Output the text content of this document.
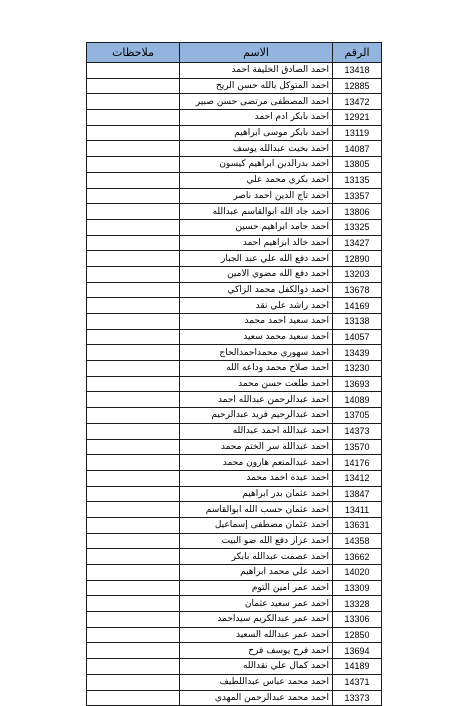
ملاحظات	الاسم	الرقم
	احمد الصادق الخليفة احمد	13418
	احمد المتوكل بالله حسن الريح	12885
	احمد المصطفى مرتضى حسن صبير	13472
	احمد بابكر ادم احمد	12921
	احمد بابكر موسى ابراهيم	13119
	احمد بخيت عبدالله يوسف	14087
	احمد بدرالدين ابراهيم كيسون	13805
	احمد بكري محمد علي	13135
	احمد تاج الدين احمد ناصر	13357
	احمد جاد الله ابوالقاسم عبدالله	13806
	احمد حامد ابراهيم حسين	13325
	احمد خالد ابراهيم احمد	13427
	احمد دفع الله علي عبد الجبار	12890
	احمد دفع الله مضوي الامين	13203
	احمد ذوالكفل محمد الزاكي	13678
	احمد راشد علي نقد	14169
	احمد سعيد احمد محمد	13138
	احمد سعيد محمد سعيد	14057
	احمد سهوري محمداحمدالحاج	13439
	احمد صلاح محمد وداعه الله	13230
	احمد طلعت حسن محمد	13693
	احمد عبدالرحمن عبدالله احمد	14089
	احمد عبدالرحيم فريد عبدالرحيم	13705
	احمد عبدالله احمد عبدالله	14373
	احمد عبدالله سر الختم محمد	13570
	احمد عبدالمنعم هارون محمد	14176
	احمد عبده احمد محمد	13412
	احمد عثمان بدر ابراهيم	13847
	احمد عثمان حسب الله ابوالقاسم	13411
	احمد عثمان مصطفى إسماعيل	13631
	احمد عزاز دفع الله ضو البيت	14358
	احمد عصمت عبدالله بابكر	13662
	احمد علي محمد ابراهيم	14020
	احمد عمر امين التوم	13309
	احمد عمر سعيد عثمان	13328
	احمد عمر عبدالكريم سيداحمد	13306
	احمد عمر عبدالله السعيد	12850
	احمد فرح يوسف فرح	13694
	احمد كمال علي نقدالله	14189
	احمد محمد عباس عبداللطيف	14371
	احمد محمد عبدالرحمن المهدي	13373
